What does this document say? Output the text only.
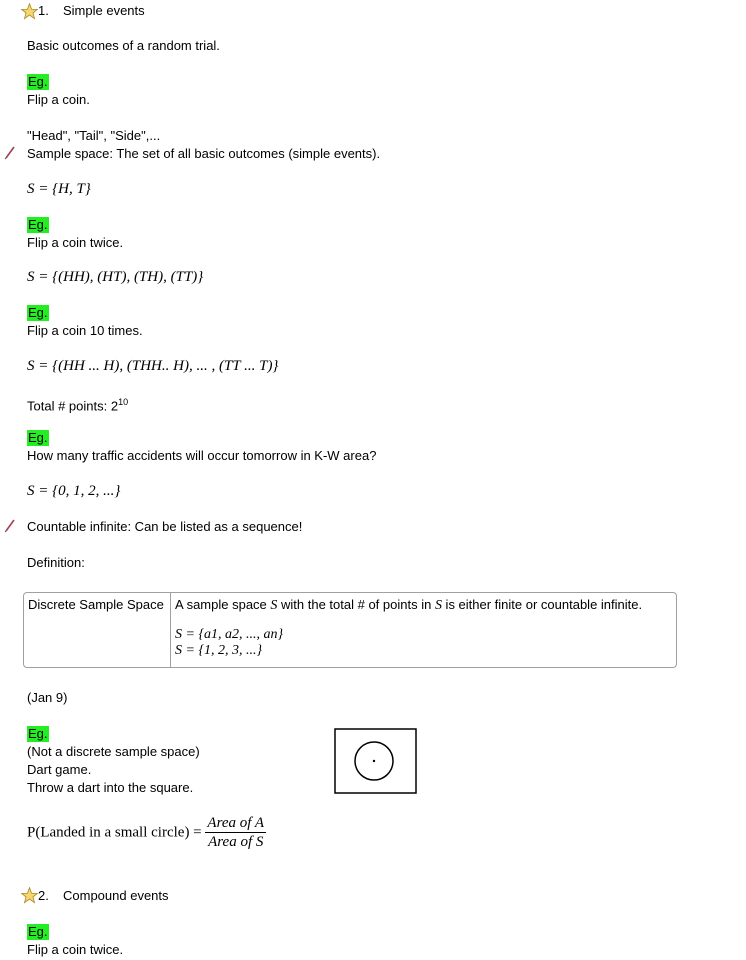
1. Simple events
Basic outcomes of a random trial.
Eg.
Flip a coin.
"Head", "Tail", "Side",...
Sample space: The set of all basic outcomes (simple events).
S = {H, T}
Eg.
Flip a coin twice.
S = {(HH), (HT), (TH), (TT)}
Eg.
Flip a coin 10 times.
S = {(HH ... H), (THH.. H), ... , (TT ... T)}
Total # points: $2^{10}$
Eg.
How many traffic accidents will occur tomorrow in K-W area?
S = {0, 1, 2, ...}
Countable infinite: Can be listed as a sequence!
Definition:
Discrete Sample Space	A sample space S with the total # of points in S is either finite or countable infinite.
S = {a1, a2, ..., an}
S = {1, 2, 3, ...}
(Jan 9)
Eg.
(Not a discrete sample space)
Dart game.
Throw a dart into the square.
P(Landed in a small circle) = $\frac{\text{Area of A}}{\text{Area of S}}$
2. Compound events
Eg.
Flip a coin twice.
